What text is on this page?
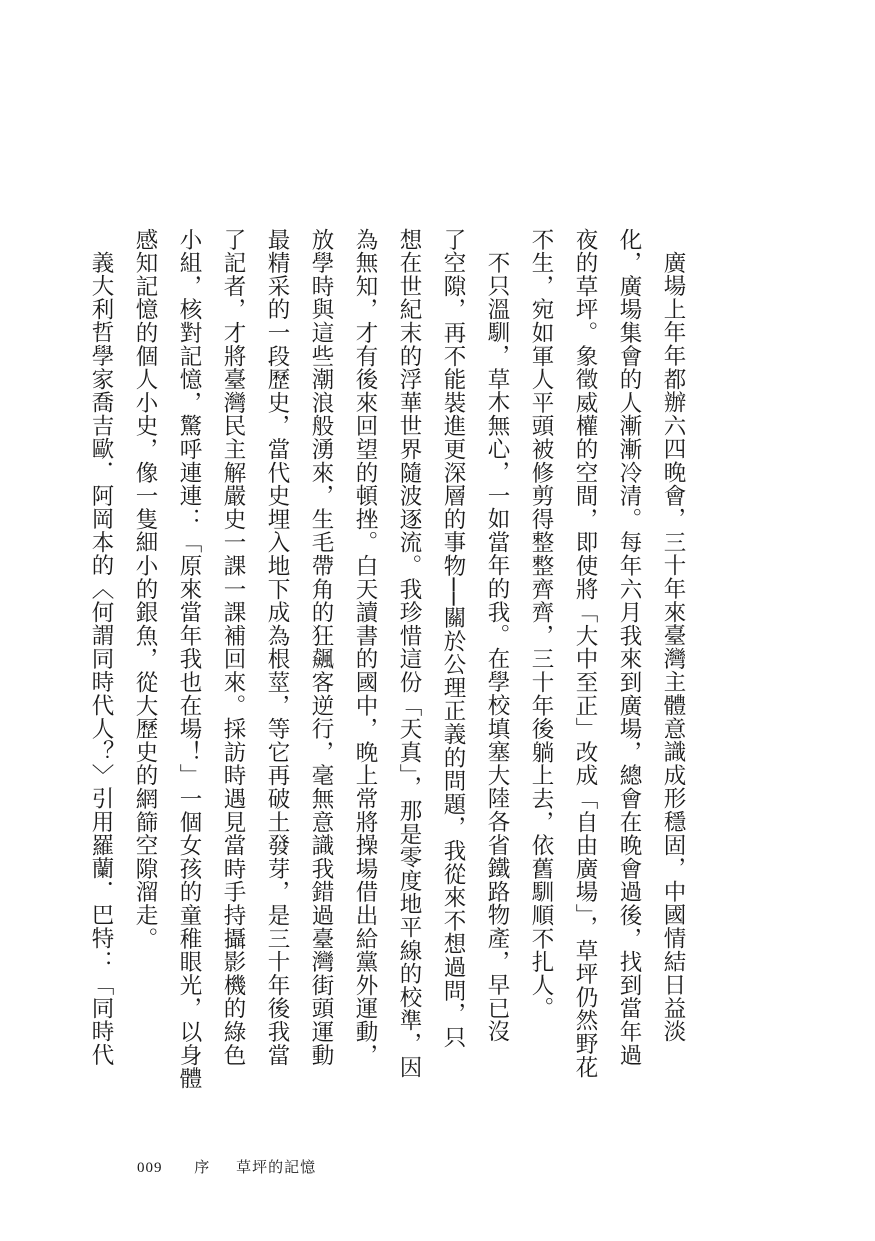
廣場上年年都辦六四晚會，三十年來臺灣主體意識成形穩固，中國情結日益淡

化，廣場集會的人漸漸冷清。每年六月我來到廣場，總會在晚會過後，找到當年過

夜的草坪。象徵威權的空間，即使將「大中至正」改成「自由廣場」，草坪仍然野花

不生，宛如軍人平頭被修剪得整整齊齊，三十年後躺上去，依舊馴順不扎人。

不只溫馴，草木無心，一如當年的我。在學校填塞大陸各省鐵路物產，早已沒

了空隙，再不能裝進更深層的事物──關於公理正義的問題，我從來不想過問，只

想在世紀末的浮華世界隨波逐流。我珍惜這份「天真」，那是零度地平線的校準，因

為無知，才有後來回望的頓挫。白天讀書的國中，晚上常將操場借出給黨外運動，

放學時與這些潮浪般湧來，生毛帶角的狂飆客逆行，毫無意識我錯過臺灣街頭運動

最精采的一段歷史，當代史埋入地下成為根莖，等它再破土發芽，是三十年後我當

了記者，才將臺灣民主解嚴史一課一課補回來。採訪時遇見當時手持攝影機的綠色

小組，核對記憶，驚呼連連：「原來當年我也在場！」一個女孩的童稚眼光，以身體

感知記憶的個人小史，像一隻細小的銀魚，從大歷史的網篩空隙溜走。

義大利哲學家喬吉歐．阿岡本的〈何謂同時代人？〉引用羅蘭．巴特：「同時代

009 序 草坪的記憶
